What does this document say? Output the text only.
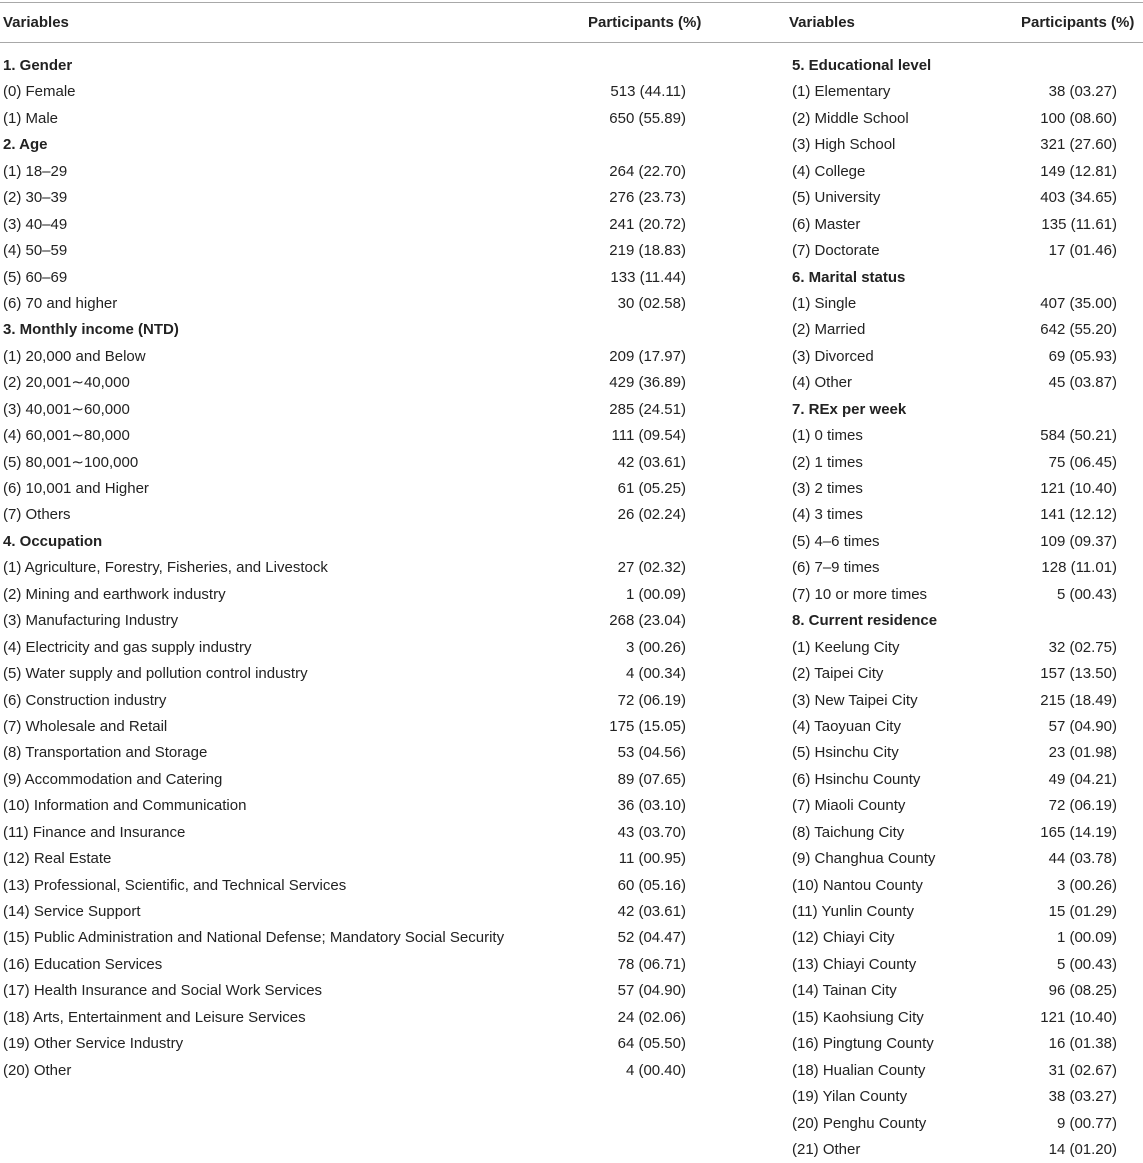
Variables	Participants (%)	Variables	Participants (%)
1. Gender
(0) Female	513 (44.11)
(1) Male	650 (55.89)
2. Age
(1) 18–29	264 (22.70)
(2) 30–39	276 (23.73)
(3) 40–49	241 (20.72)
(4) 50–59	219 (18.83)
(5) 60–69	133 (11.44)
(6) 70 and higher	30 (02.58)
3. Monthly income (NTD)
(1) 20,000 and Below	209 (17.97)
(2) 20,001∼40,000	429 (36.89)
(3) 40,001∼60,000	285 (24.51)
(4) 60,001∼80,000	111 (09.54)
(5) 80,001∼100,000	42 (03.61)
(6) 10,001 and Higher	61 (05.25)
(7) Others	26 (02.24)
4. Occupation
(1) Agriculture, Forestry, Fisheries, and Livestock	27 (02.32)
(2) Mining and earthwork industry	1 (00.09)
(3) Manufacturing Industry	268 (23.04)
(4) Electricity and gas supply industry	3 (00.26)
(5) Water supply and pollution control industry	4 (00.34)
(6) Construction industry	72 (06.19)
(7) Wholesale and Retail	175 (15.05)
(8) Transportation and Storage	53 (04.56)
(9) Accommodation and Catering	89 (07.65)
(10) Information and Communication	36 (03.10)
(11) Finance and Insurance	43 (03.70)
(12) Real Estate	11 (00.95)
(13) Professional, Scientific, and Technical Services	60 (05.16)
(14) Service Support	42 (03.61)
(15) Public Administration and National Defense; Mandatory Social Security	52 (04.47)
(16) Education Services	78 (06.71)
(17) Health Insurance and Social Work Services	57 (04.90)
(18) Arts, Entertainment and Leisure Services	24 (02.06)
(19) Other Service Industry	64 (05.50)
(20) Other	4 (00.40)
5. Educational level
(1) Elementary	38 (03.27)
(2) Middle School	100 (08.60)
(3) High School	321 (27.60)
(4) College	149 (12.81)
(5) University	403 (34.65)
(6) Master	135 (11.61)
(7) Doctorate	17 (01.46)
6. Marital status
(1) Single	407 (35.00)
(2) Married	642 (55.20)
(3) Divorced	69 (05.93)
(4) Other	45 (03.87)
7. REx per week
(1) 0 times	584 (50.21)
(2) 1 times	75 (06.45)
(3) 2 times	121 (10.40)
(4) 3 times	141 (12.12)
(5) 4–6 times	109 (09.37)
(6) 7–9 times	128 (11.01)
(7) 10 or more times	5 (00.43)
8. Current residence
(1) Keelung City	32 (02.75)
(2) Taipei City	157 (13.50)
(3) New Taipei City	215 (18.49)
(4) Taoyuan City	57 (04.90)
(5) Hsinchu City	23 (01.98)
(6) Hsinchu County	49 (04.21)
(7) Miaoli County	72 (06.19)
(8) Taichung City	165 (14.19)
(9) Changhua County	44 (03.78)
(10) Nantou County	3 (00.26)
(11) Yunlin County	15 (01.29)
(12) Chiayi City	1 (00.09)
(13) Chiayi County	5 (00.43)
(14) Tainan City	96 (08.25)
(15) Kaohsiung City	121 (10.40)
(16) Pingtung County	16 (01.38)
(18) Hualian County	31 (02.67)
(19) Yilan County	38 (03.27)
(20) Penghu County	9 (00.77)
(21) Other	14 (01.20)
